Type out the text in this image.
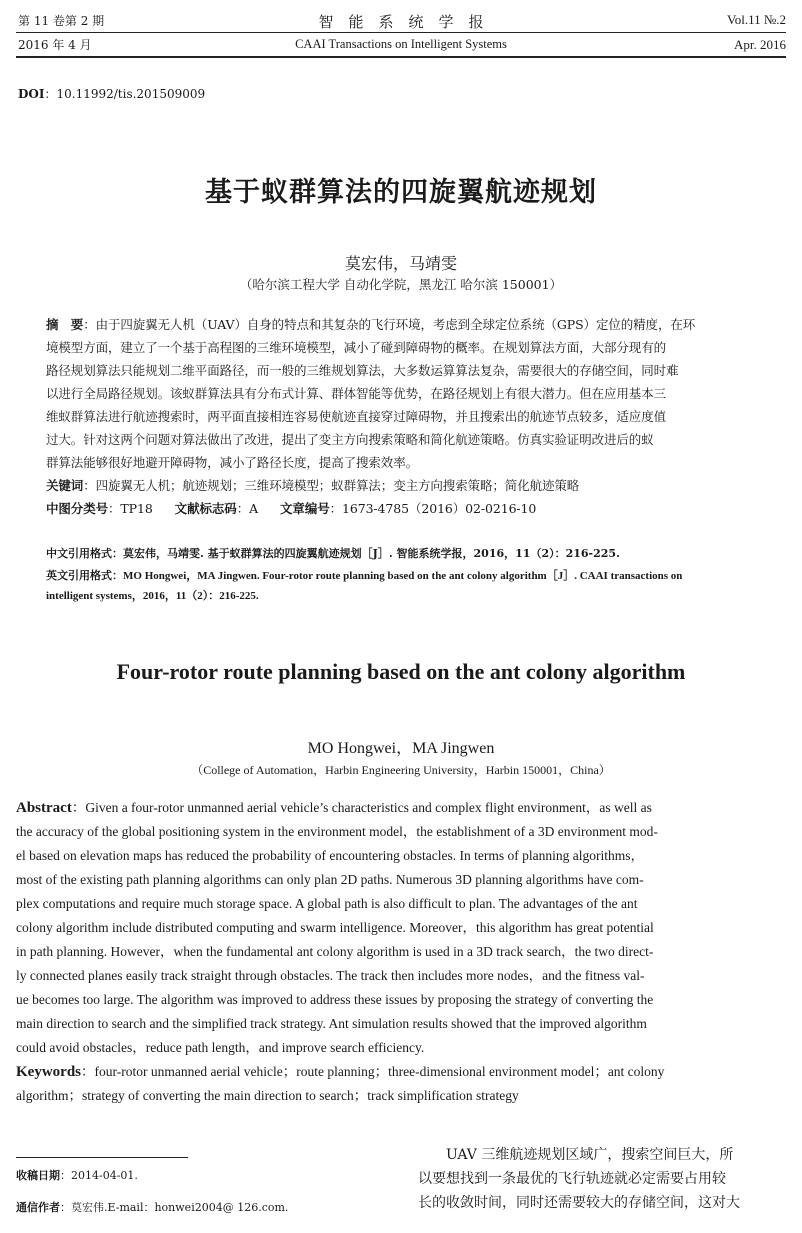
第 11 卷第 2 期
2016 年 4 月
智　能　系　统　学　报
CAAI Transactions on Intelligent Systems
Vol.11 №.2
Apr. 2016
DOI：10.11992/tis.201509009
基于蚁群算法的四旋翼航迹规划
莫宏伟，马靖雯
（哈尔滨工程大学 自动化学院，黑龙江 哈尔滨 150001）
摘　要：由于四旋翼无人机（UAV）自身的特点和其复杂的飞行环境，考虑到全球定位系统（GPS）定位的精度，在环
境模型方面，建立了一个基于高程图的三维环境模型，减小了碰到障碍物的概率。在规划算法方面，大部分现有的
路径规划算法只能规划二维平面路径，而一般的三维规划算法，大多数运算算法复杂，需要很大的存储空间，同时难
以进行全局路径规划。该蚁群算法具有分布式计算、群体智能等优势，在路径规划上有很大潜力。但在应用基本三
维蚁群算法进行航迹搜索时，两平面直接相连容易使航迹直接穿过障碍物，并且搜索出的航迹节点较多，适应度值
过大。针对这两个问题对算法做出了改进，提出了变主方向搜索策略和简化航迹策略。仿真实验证明改进后的蚁
群算法能够很好地避开障碍物，减小了路径长度，提高了搜索效率。
关键词：四旋翼无人机；航迹规划；三维环境模型；蚁群算法；变主方向搜索策略；简化航迹策略
中图分类号：TP18 文献标志码：A 文章编号：1673-4785（2016）02-0216-10
中文引用格式：莫宏伟，马靖雯. 基于蚁群算法的四旋翼航迹规划［J］. 智能系统学报，2016，11（2）：216-225.
英文引用格式：MO Hongwei，MA Jingwen. Four-rotor route planning based on the ant colony algorithm［J］. CAAI transactions on
intelligent systems，2016，11（2）：216-225.
Four-rotor route planning based on the ant colony algorithm
MO Hongwei，MA Jingwen
（College of Automation，Harbin Engineering University，Harbin 150001，China）
Abstract：Given a four-rotor unmanned aerial vehicle’s characteristics and complex flight environment，as well as
the accuracy of the global positioning system in the environment model，the establishment of a 3D environment mod-
el based on elevation maps has reduced the probability of encountering obstacles. In terms of planning algorithms，
most of the existing path planning algorithms can only plan 2D paths. Numerous 3D planning algorithms have com-
plex computations and require much storage space. A global path is also difficult to plan. The advantages of the ant
colony algorithm include distributed computing and swarm intelligence. Moreover，this algorithm has great potential
in path planning. However，when the fundamental ant colony algorithm is used in a 3D track search，the two direct-
ly connected planes easily track straight through obstacles. The track then includes more nodes，and the fitness val-
ue becomes too large. The algorithm was improved to address these issues by proposing the strategy of converting the
main direction to search and the simplified track strategy. Ant simulation results showed that the improved algorithm
could avoid obstacles，reduce path length，and improve search efficiency.
Keywords：four-rotor unmanned aerial vehicle；route planning；three-dimensional environment model；ant colony
algorithm；strategy of converting the main direction to search；track simplification strategy
收稿日期：2014-04-01.
通信作者：莫宏伟.E-mail：honwei2004@ 126.com.
UAV 三维航迹规划区域广，搜索空间巨大，所
以要想找到一条最优的飞行轨迹就必定需要占用较
长的收敛时间，同时还需要较大的存储空间，这对大
